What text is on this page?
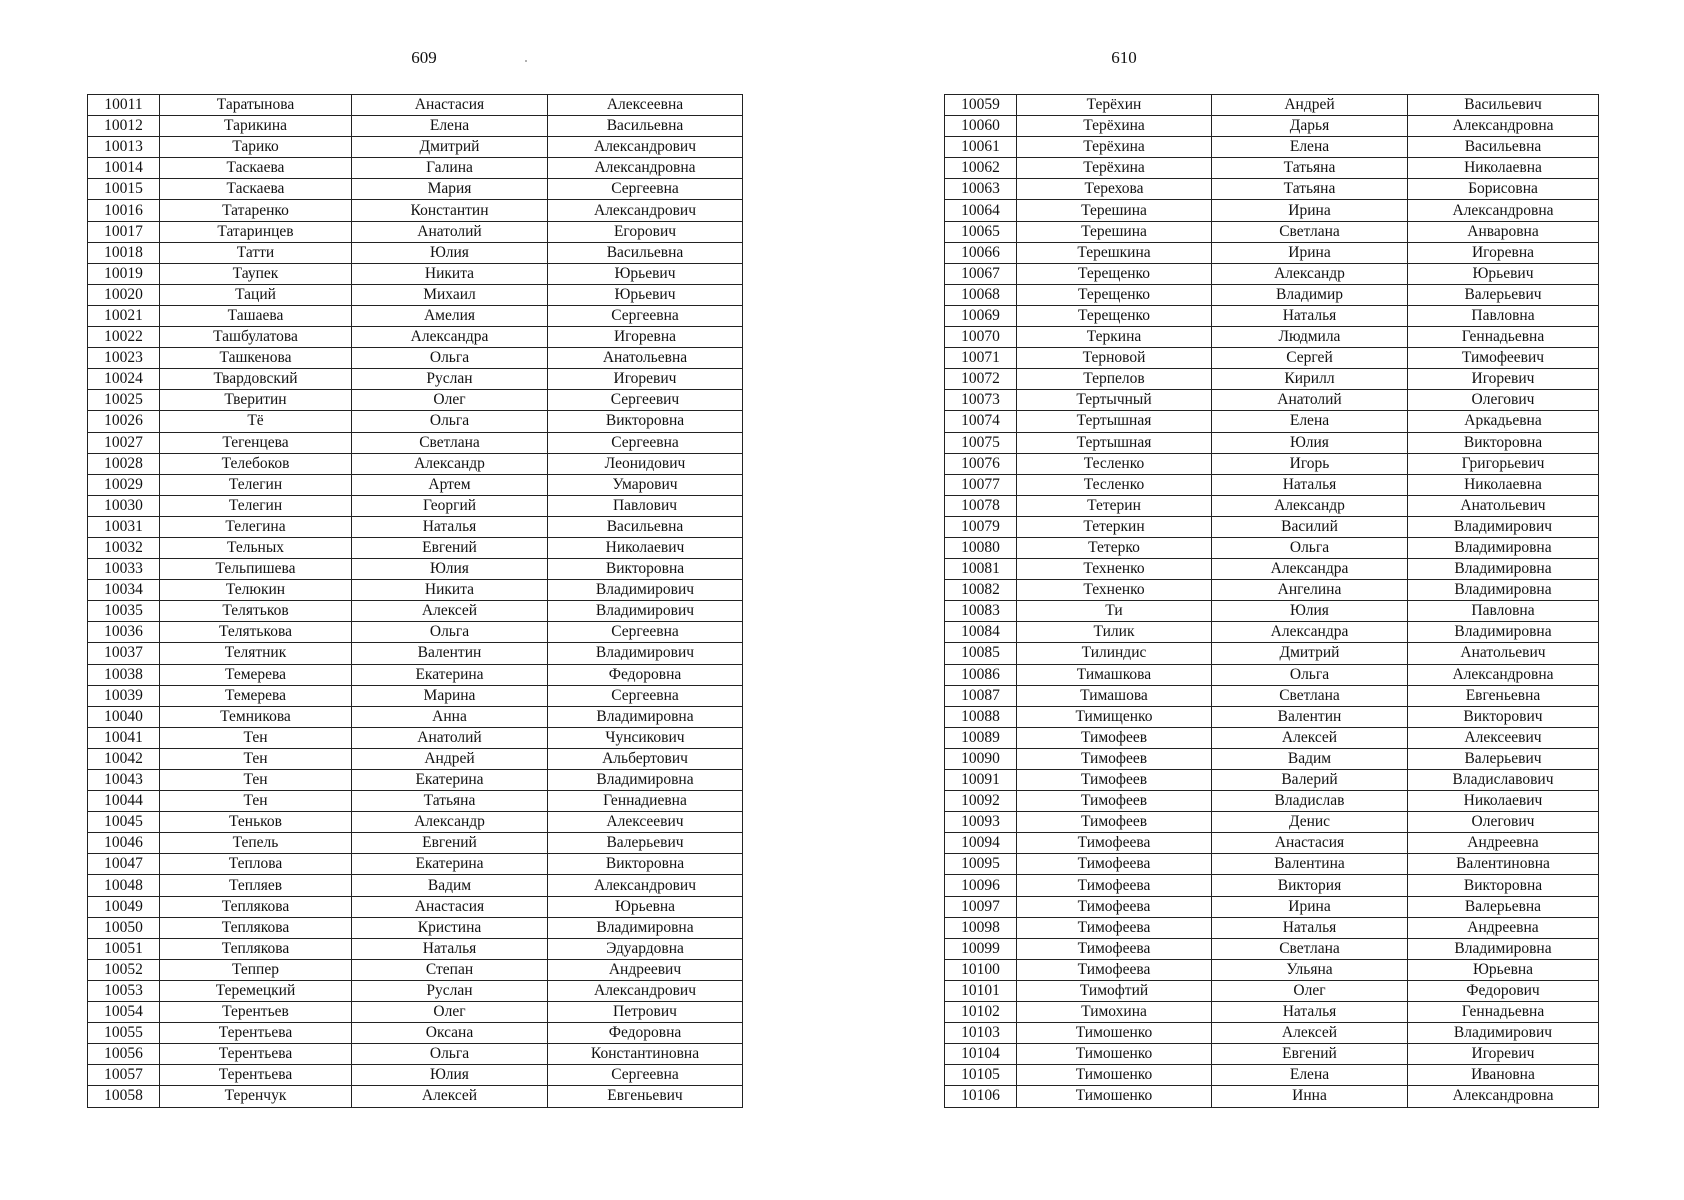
609
10011	Таратынова	Анастасия	Алексеевна
10012	Тарикина	Елена	Васильевна
10013	Тарико	Дмитрий	Александрович
10014	Таскаева	Галина	Александровна
10015	Таскаева	Мария	Сергеевна
10016	Татаренко	Константин	Александрович
10017	Татаринцев	Анатолий	Егорович
10018	Татти	Юлия	Васильевна
10019	Таупек	Никита	Юрьевич
10020	Таций	Михаил	Юрьевич
10021	Ташаева	Амелия	Сергеевна
10022	Ташбулатова	Александра	Игоревна
10023	Ташкенова	Ольга	Анатольевна
10024	Твардовский	Руслан	Игоревич
10025	Тверитин	Олег	Сергеевич
10026	Тё	Ольга	Викторовна
10027	Тегенцева	Светлана	Сергеевна
10028	Телебоков	Александр	Леонидович
10029	Телегин	Артем	Умарович
10030	Телегин	Георгий	Павлович
10031	Телегина	Наталья	Васильевна
10032	Тельных	Евгений	Николаевич
10033	Тельпишева	Юлия	Викторовна
10034	Телюкин	Никита	Владимирович
10035	Телятьков	Алексей	Владимирович
10036	Телятькова	Ольга	Сергеевна
10037	Телятник	Валентин	Владимирович
10038	Темерева	Екатерина	Федоровна
10039	Темерева	Марина	Сергеевна
10040	Темникова	Анна	Владимировна
10041	Тен	Анатолий	Чунсикович
10042	Тен	Андрей	Альбертович
10043	Тен	Екатерина	Владимировна
10044	Тен	Татьяна	Геннадиевна
10045	Теньков	Александр	Алексеевич
10046	Тепель	Евгений	Валерьевич
10047	Теплова	Екатерина	Викторовна
10048	Тепляев	Вадим	Александрович
10049	Теплякова	Анастасия	Юрьевна
10050	Теплякова	Кристина	Владимировна
10051	Теплякова	Наталья	Эдуардовна
10052	Теппер	Степан	Андреевич
10053	Теремецкий	Руслан	Александрович
10054	Терентьев	Олег	Петрович
10055	Терентьева	Оксана	Федоровна
10056	Терентьева	Ольга	Константиновна
10057	Терентьева	Юлия	Сергеевна
10058	Теренчук	Алексей	Евгеньевич
610
10059	Терёхин	Андрей	Васильевич
10060	Терёхина	Дарья	Александровна
10061	Терёхина	Елена	Васильевна
10062	Терёхина	Татьяна	Николаевна
10063	Терехова	Татьяна	Борисовна
10064	Терешина	Ирина	Александровна
10065	Терешина	Светлана	Анваровна
10066	Терешкина	Ирина	Игоревна
10067	Терещенко	Александр	Юрьевич
10068	Терещенко	Владимир	Валерьевич
10069	Терещенко	Наталья	Павловна
10070	Теркина	Людмила	Геннадьевна
10071	Терновой	Сергей	Тимофеевич
10072	Терпелов	Кирилл	Игоревич
10073	Тертычный	Анатолий	Олегович
10074	Тертышная	Елена	Аркадьевна
10075	Тертышная	Юлия	Викторовна
10076	Тесленко	Игорь	Григорьевич
10077	Тесленко	Наталья	Николаевна
10078	Тетерин	Александр	Анатольевич
10079	Тетеркин	Василий	Владимирович
10080	Тетерко	Ольга	Владимировна
10081	Техненко	Александра	Владимировна
10082	Техненко	Ангелина	Владимировна
10083	Ти	Юлия	Павловна
10084	Тилик	Александра	Владимировна
10085	Тилиндис	Дмитрий	Анатольевич
10086	Тимашкова	Ольга	Александровна
10087	Тимашова	Светлана	Евгеньевна
10088	Тимищенко	Валентин	Викторович
10089	Тимофеев	Алексей	Алексеевич
10090	Тимофеев	Вадим	Валерьевич
10091	Тимофеев	Валерий	Владиславович
10092	Тимофеев	Владислав	Николаевич
10093	Тимофеев	Денис	Олегович
10094	Тимофеева	Анастасия	Андреевна
10095	Тимофеева	Валентина	Валентиновна
10096	Тимофеева	Виктория	Викторовна
10097	Тимофеева	Ирина	Валерьевна
10098	Тимофеева	Наталья	Андреевна
10099	Тимофеева	Светлана	Владимировна
10100	Тимофеева	Ульяна	Юрьевна
10101	Тимофтий	Олег	Федорович
10102	Тимохина	Наталья	Геннадьевна
10103	Тимошенко	Алексей	Владимирович
10104	Тимошенко	Евгений	Игоревич
10105	Тимошенко	Елена	Ивановна
10106	Тимошенко	Инна	Александровна
